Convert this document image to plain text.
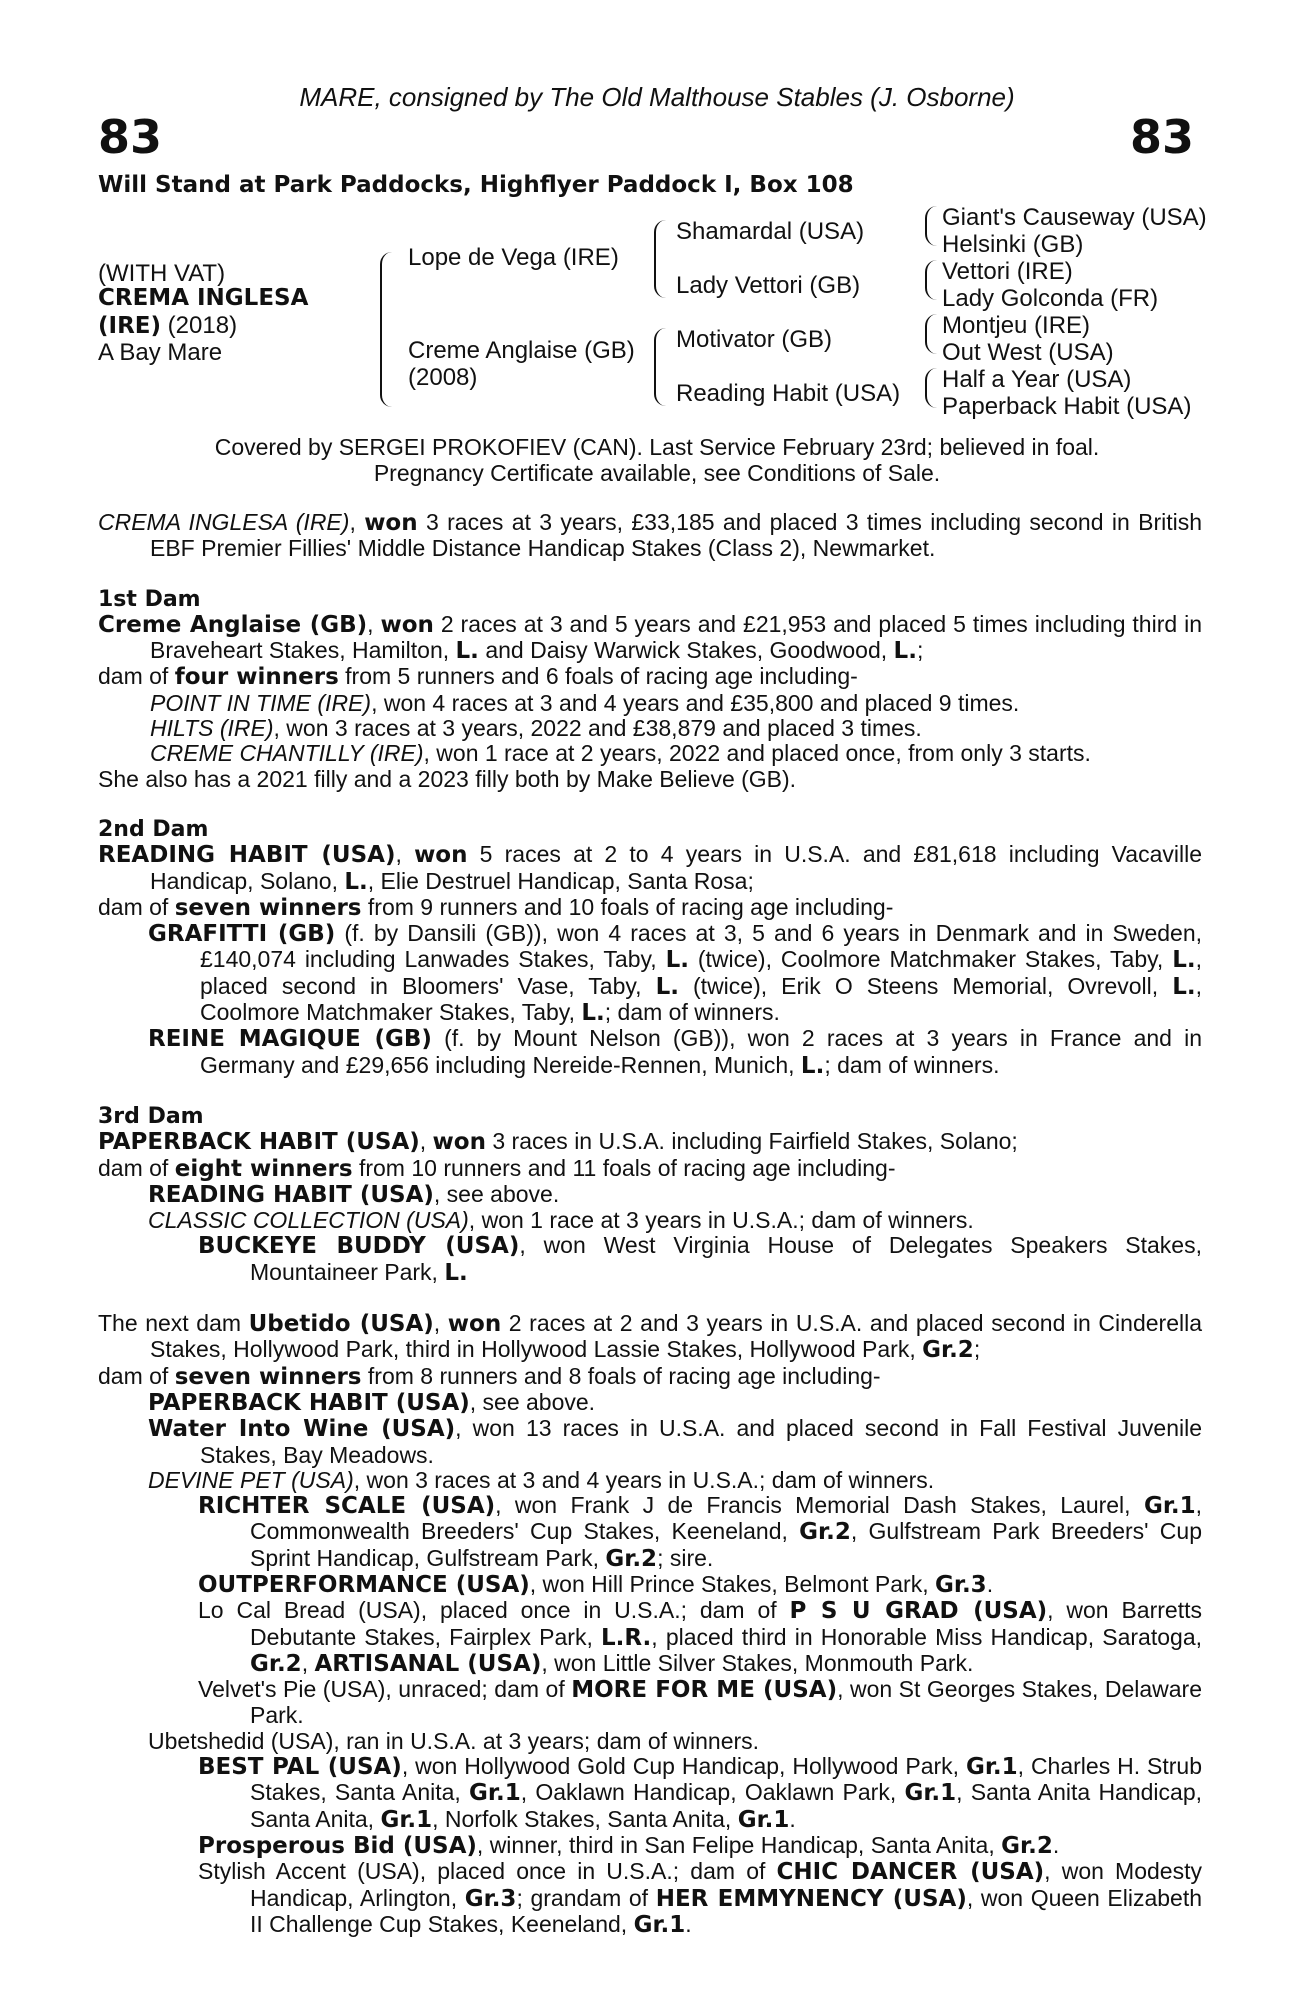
MARE, consigned by The Old Malthouse Stables (J. Osborne)
83	83
Will Stand at Park Paddocks, Highflyer Paddock I, Box 108
(WITH VAT)
CREMA INGLESA
(IRE) (2018)
A Bay Mare
Lope de Vega (IRE)
Creme Anglaise (GB)
(2008)
Shamardal (USA)
Lady Vettori (GB)
Motivator (GB)
Reading Habit (USA)
Giant's Causeway (USA)
Helsinki (GB)
Vettori (IRE)
Lady Golconda (FR)
Montjeu (IRE)
Out West (USA)
Half a Year (USA)
Paperback Habit (USA)
Covered by SERGEI PROKOFIEV (CAN). Last Service February 23rd; believed in foal.
Pregnancy Certificate available, see Conditions of Sale.
CREMA INGLESA (IRE), won 3 races at 3 years, £33,185 and placed 3 times including second in British EBF Premier Fillies' Middle Distance Handicap Stakes (Class 2), Newmarket.
1st Dam
Creme Anglaise (GB), won 2 races at 3 and 5 years and £21,953 and placed 5 times including third in Braveheart Stakes, Hamilton, L. and Daisy Warwick Stakes, Goodwood, L.;
dam of four winners from 5 runners and 6 foals of racing age including-
POINT IN TIME (IRE), won 4 races at 3 and 4 years and £35,800 and placed 9 times.
HILTS (IRE), won 3 races at 3 years, 2022 and £38,879 and placed 3 times.
CREME CHANTILLY (IRE), won 1 race at 2 years, 2022 and placed once, from only 3 starts.
She also has a 2021 filly and a 2023 filly both by Make Believe (GB).
2nd Dam
READING HABIT (USA), won 5 races at 2 to 4 years in U.S.A. and £81,618 including Vacaville Handicap, Solano, L., Elie Destruel Handicap, Santa Rosa;
dam of seven winners from 9 runners and 10 foals of racing age including-
GRAFITTI (GB) (f. by Dansili (GB)), won 4 races at 3, 5 and 6 years in Denmark and in Sweden, £140,074 including Lanwades Stakes, Taby, L. (twice), Coolmore Matchmaker Stakes, Taby, L., placed second in Bloomers' Vase, Taby, L. (twice), Erik O Steens Memorial, Ovrevoll, L., Coolmore Matchmaker Stakes, Taby, L.; dam of winners.
REINE MAGIQUE (GB) (f. by Mount Nelson (GB)), won 2 races at 3 years in France and in Germany and £29,656 including Nereide-Rennen, Munich, L.; dam of winners.
3rd Dam
PAPERBACK HABIT (USA), won 3 races in U.S.A. including Fairfield Stakes, Solano;
dam of eight winners from 10 runners and 11 foals of racing age including-
READING HABIT (USA), see above.
CLASSIC COLLECTION (USA), won 1 race at 3 years in U.S.A.; dam of winners.
BUCKEYE BUDDY (USA), won West Virginia House of Delegates Speakers Stakes, Mountaineer Park, L.
The next dam Ubetido (USA), won 2 races at 2 and 3 years in U.S.A. and placed second in Cinderella Stakes, Hollywood Park, third in Hollywood Lassie Stakes, Hollywood Park, Gr.2;
dam of seven winners from 8 runners and 8 foals of racing age including-
PAPERBACK HABIT (USA), see above.
Water Into Wine (USA), won 13 races in U.S.A. and placed second in Fall Festival Juvenile Stakes, Bay Meadows.
DEVINE PET (USA), won 3 races at 3 and 4 years in U.S.A.; dam of winners.
RICHTER SCALE (USA), won Frank J de Francis Memorial Dash Stakes, Laurel, Gr.1, Commonwealth Breeders' Cup Stakes, Keeneland, Gr.2, Gulfstream Park Breeders' Cup Sprint Handicap, Gulfstream Park, Gr.2; sire.
OUTPERFORMANCE (USA), won Hill Prince Stakes, Belmont Park, Gr.3.
Lo Cal Bread (USA), placed once in U.S.A.; dam of P S U GRAD (USA), won Barretts Debutante Stakes, Fairplex Park, L.R., placed third in Honorable Miss Handicap, Saratoga, Gr.2, ARTISANAL (USA), won Little Silver Stakes, Monmouth Park.
Velvet's Pie (USA), unraced; dam of MORE FOR ME (USA), won St Georges Stakes, Delaware Park.
Ubetshedid (USA), ran in U.S.A. at 3 years; dam of winners.
BEST PAL (USA), won Hollywood Gold Cup Handicap, Hollywood Park, Gr.1, Charles H. Strub Stakes, Santa Anita, Gr.1, Oaklawn Handicap, Oaklawn Park, Gr.1, Santa Anita Handicap, Santa Anita, Gr.1, Norfolk Stakes, Santa Anita, Gr.1.
Prosperous Bid (USA), winner, third in San Felipe Handicap, Santa Anita, Gr.2.
Stylish Accent (USA), placed once in U.S.A.; dam of CHIC DANCER (USA), won Modesty Handicap, Arlington, Gr.3; grandam of HER EMMYNENCY (USA), won Queen Elizabeth II Challenge Cup Stakes, Keeneland, Gr.1.
